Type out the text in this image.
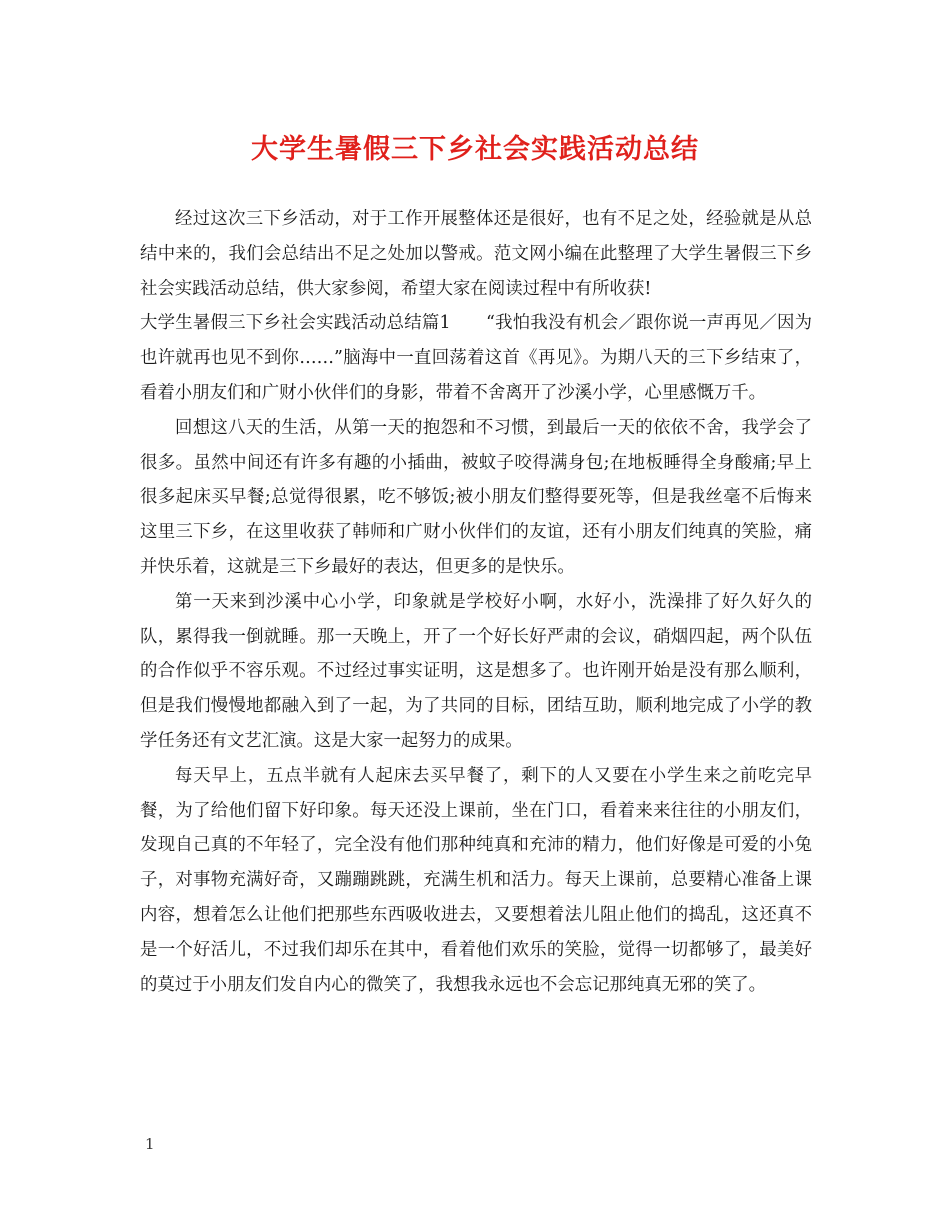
大学生暑假三下乡社会实践活动总结

经过这次三下乡活动，对于工作开展整体还是很好，也有不足之处，经验就是从总结中来的，我们会总结出不足之处加以警戒。范文网小编在此整理了大学生暑假三下乡社会实践活动总结，供大家参阅，希望大家在阅读过程中有所收获!

大学生暑假三下乡社会实践活动总结篇1　　“我怕我没有机会／跟你说一声再见／因为也许就再也见不到你……”脑海中一直回荡着这首《再见》。为期八天的三下乡结束了，看着小朋友们和广财小伙伴们的身影，带着不舍离开了沙溪小学，心里感慨万千。

回想这八天的生活，从第一天的抱怨和不习惯，到最后一天的依依不舍，我学会了很多。虽然中间还有许多有趣的小插曲，被蚊子咬得满身包;在地板睡得全身酸痛;早上很多起床买早餐;总觉得很累，吃不够饭;被小朋友们整得要死等，但是我丝毫不后悔来这里三下乡，在这里收获了韩师和广财小伙伴们的友谊，还有小朋友们纯真的笑脸，痛并快乐着，这就是三下乡最好的表达，但更多的是快乐。

第一天来到沙溪中心小学，印象就是学校好小啊，水好小，洗澡排了好久好久的队，累得我一倒就睡。那一天晚上，开了一个好长好严肃的会议，硝烟四起，两个队伍的合作似乎不容乐观。不过经过事实证明，这是想多了。也许刚开始是没有那么顺利，但是我们慢慢地都融入到了一起，为了共同的目标，团结互助，顺利地完成了小学的教学任务还有文艺汇演。这是大家一起努力的成果。

每天早上，五点半就有人起床去买早餐了，剩下的人又要在小学生来之前吃完早餐，为了给他们留下好印象。每天还没上课前，坐在门口，看着来来往往的小朋友们，发现自己真的不年轻了，完全没有他们那种纯真和充沛的精力，他们好像是可爱的小兔子，对事物充满好奇，又蹦蹦跳跳，充满生机和活力。每天上课前，总要精心准备上课内容，想着怎么让他们把那些东西吸收进去，又要想着法儿阻止他们的捣乱，这还真不是一个好活儿，不过我们却乐在其中，看着他们欢乐的笑脸，觉得一切都够了，最美好的莫过于小朋友们发自内心的微笑了，我想我永远也不会忘记那纯真无邪的笑了。

1
